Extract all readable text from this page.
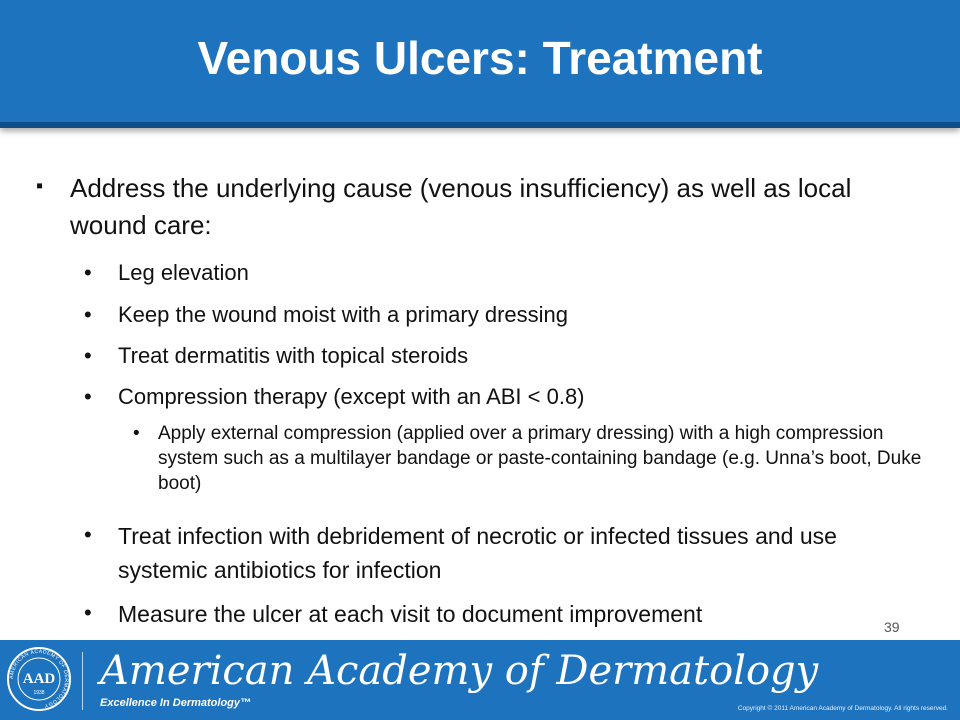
Venous Ulcers: Treatment
▪ Address the underlying cause (venous insufficiency) as well as local wound care:
• Leg elevation
• Keep the wound moist with a primary dressing
• Treat dermatitis with topical steroids
• Compression therapy (except with an ABI < 0.8)
• Apply external compression (applied over a primary dressing) with a high compression system such as a multilayer bandage or paste-containing bandage (e.g. Unna’s boot, Duke boot)
• Treat infection with debridement of necrotic or infected tissues and use systemic antibiotics for infection
• Measure the ulcer at each visit to document improvement	39
AMERICAN ACADEMY OF DERMATOLOGY
AAD
1938 American Academy of Dermatology
Excellence In Dermatology™	Copyright © 2011 American Academy of Dermatology. All rights reserved.
